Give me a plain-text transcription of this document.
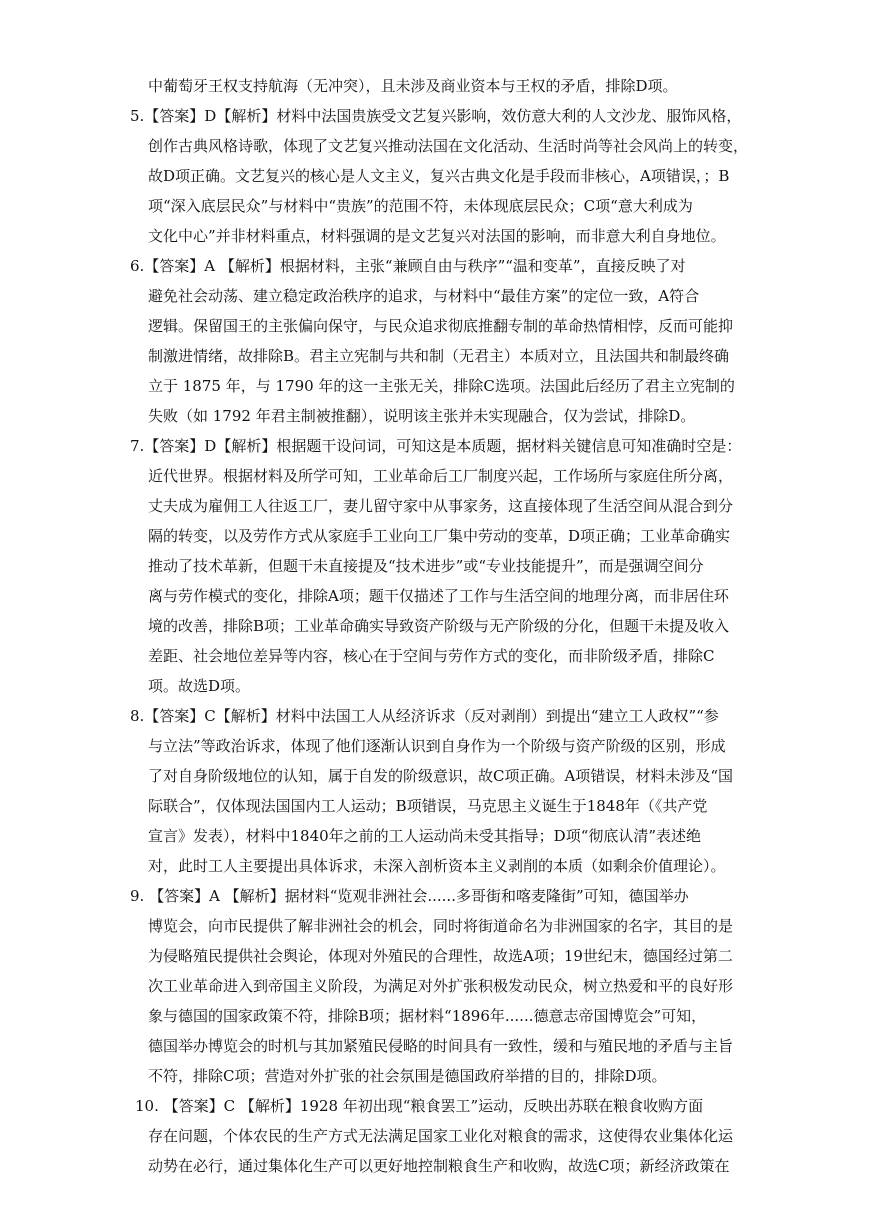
中葡萄牙王权支持航海（无冲突），且未涉及商业资本与王权的矛盾，排除D项。
5.【答案】D【解析】材料中法国贵族受文艺复兴影响，效仿意大利的人文沙龙、服饰风格，
创作古典风格诗歌，体现了文艺复兴推动法国在文化活动、生活时尚等社会风尚上的转变，
故D项正确。文艺复兴的核心是人文主义，复兴古典文化是手段而非核心，A项错误，；B
项“深入底层民众”与材料中“贵族”的范围不符，未体现底层民众；C项“意大利成为
文化中心”并非材料重点，材料强调的是文艺复兴对法国的影响，而非意大利自身地位。
6.【答案】A 【解析】根据材料，主张“兼顾自由与秩序”“温和变革”，直接反映了对
避免社会动荡、建立稳定政治秩序的追求，与材料中“最佳方案”的定位一致，A符合
逻辑。保留国王的主张偏向保守，与民众追求彻底推翻专制的革命热情相悖，反而可能抑
制激进情绪，故排除B。君主立宪制与共和制（无君主）本质对立，且法国共和制最终确
立于 1875 年，与 1790 年的这一主张无关，排除C选项。法国此后经历了君主立宪制的
失败（如 1792 年君主制被推翻），说明该主张并未实现融合，仅为尝试，排除D。
7.【答案】D【解析】根据题干设问词，可知这是本质题，据材料关键信息可知准确时空是：
近代世界。根据材料及所学可知，工业革命后工厂制度兴起，工作场所与家庭住所分离，
丈夫成为雇佣工人往返工厂，妻儿留守家中从事家务，这直接体现了生活空间从混合到分
隔的转变，以及劳作方式从家庭手工业向工厂集中劳动的变革，D项正确；工业革命确实
推动了技术革新，但题干未直接提及“技术进步”或“专业技能提升”，而是强调空间分
离与劳作模式的变化，排除A项；题干仅描述了工作与生活空间的地理分离，而非居住环
境的改善，排除B项；工业革命确实导致资产阶级与无产阶级的分化，但题干未提及收入
差距、社会地位差异等内容，核心在于空间与劳作方式的变化，而非阶级矛盾，排除C
项。故选D项。
8.【答案】C【解析】材料中法国工人从经济诉求（反对剥削）到提出“建立工人政权”“参
与立法”等政治诉求，体现了他们逐渐认识到自身作为一个阶级与资产阶级的区别，形成
了对自身阶级地位的认知，属于自发的阶级意识，故C项正确。A项错误，材料未涉及“国
际联合”，仅体现法国国内工人运动；B项错误，马克思主义诞生于1848年（《共产党
宣言》发表），材料中1840年之前的工人运动尚未受其指导；D项“彻底认清”表述绝
对，此时工人主要提出具体诉求，未深入剖析资本主义剥削的本质（如剩余价值理论）。
9. 【答案】A 【解析】据材料“览观非洲社会......多哥街和喀麦隆街”可知，德国举办
博览会，向市民提供了解非洲社会的机会，同时将街道命名为非洲国家的名字，其目的是
为侵略殖民提供社会舆论，体现对外殖民的合理性，故选A项；19世纪末，德国经过第二
次工业革命进入到帝国主义阶段，为满足对外扩张积极发动民众，树立热爱和平的良好形
象与德国的国家政策不符，排除B项；据材料“1896年......德意志帝国博览会”可知，
德国举办博览会的时机与其加紧殖民侵略的时间具有一致性，缓和与殖民地的矛盾与主旨
不符，排除C项；营造对外扩张的社会氛围是德国政府举措的目的，排除D项。
10. 【答案】C 【解析】1928 年初出现“粮食罢工”运动，反映出苏联在粮食收购方面
存在问题，个体农民的生产方式无法满足国家工业化对粮食的需求，这使得农业集体化运
动势在必行，通过集体化生产可以更好地控制粮食生产和收购，故选C项；新经济政策在
